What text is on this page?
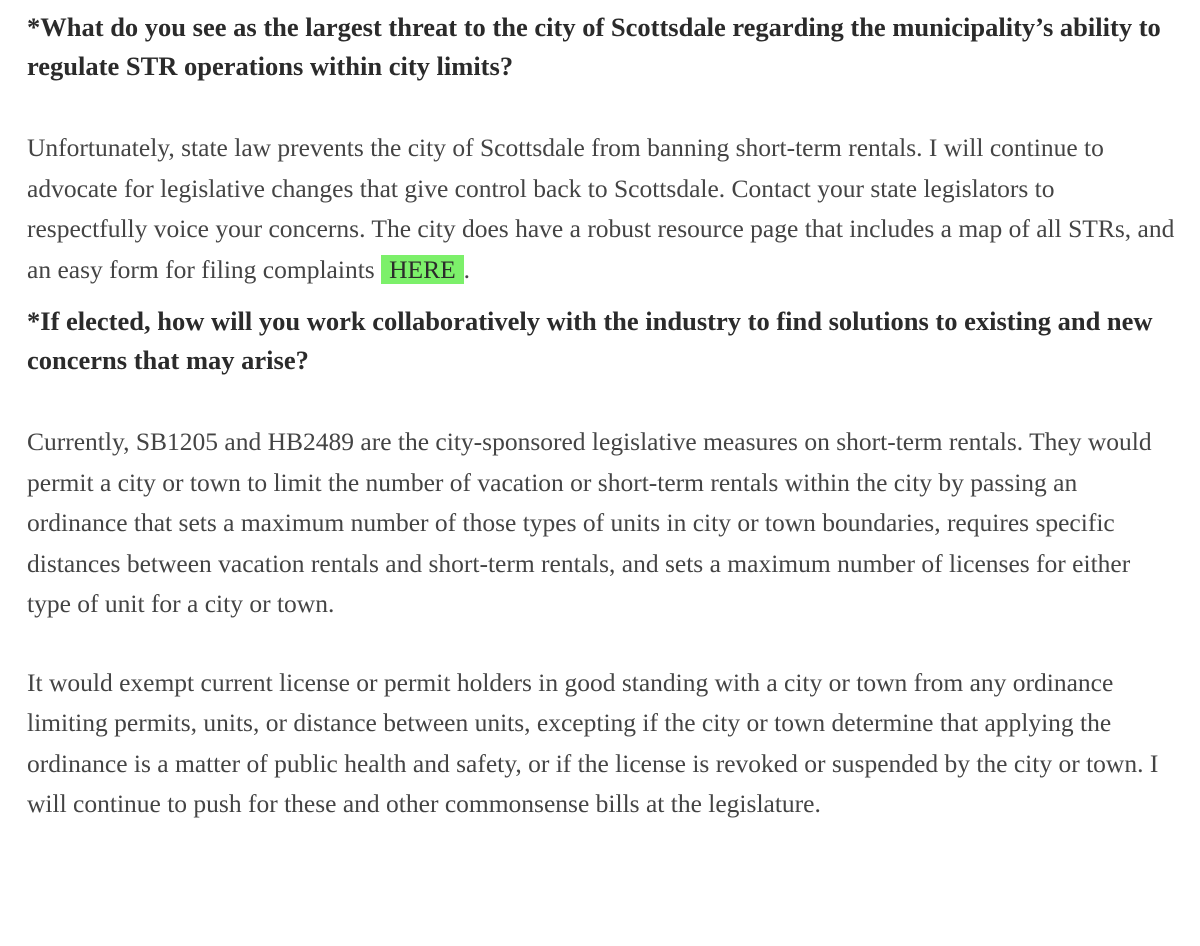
*What do you see as the largest threat to the city of Scottsdale regarding the municipality’s ability to regulate STR operations within city limits?

Unfortunately, state law prevents the city of Scottsdale from banning short-term rentals. I will continue to advocate for legislative changes that give control back to Scottsdale. Contact your state legislators to respectfully voice your concerns. The city does have a robust resource page that includes a map of all STRs, and an easy form for filing complaints HERE .

*If elected, how will you work collaboratively with the industry to find solutions to existing and new concerns that may arise?

Currently, SB1205 and HB2489 are the city-sponsored legislative measures on short-term rentals. They would permit a city or town to limit the number of vacation or short-term rentals within the city by passing an ordinance that sets a maximum number of those types of units in city or town boundaries, requires specific distances between vacation rentals and short-term rentals, and sets a maximum number of licenses for either type of unit for a city or town.

It would exempt current license or permit holders in good standing with a city or town from any ordinance limiting permits, units, or distance between units, excepting if the city or town determine that applying the ordinance is a matter of public health and safety, or if the license is revoked or suspended by the city or town. I will continue to push for these and other commonsense bills at the legislature.
